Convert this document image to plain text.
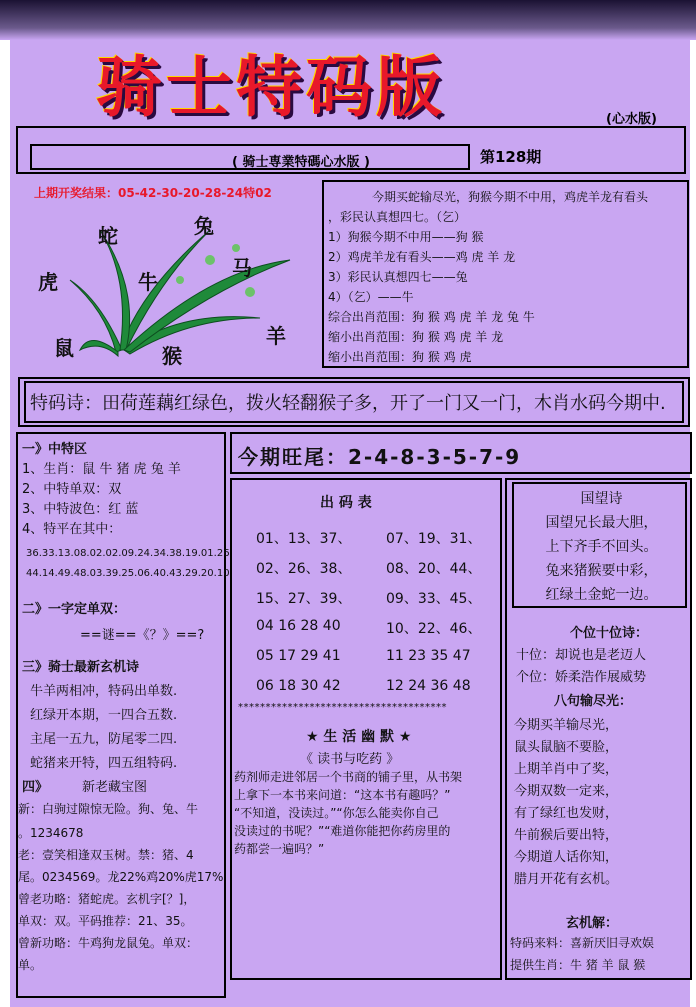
骑士特码版	(心水版)
( 骑士専業特碼心水版 )	第128期
上期开奖结果：05-42-30-20-28-24特02
蛇	兔
马
虎	牛
羊
鼠	猴
今期买蛇输尽光，狗猴今期不中用，鸡虎羊龙有看头
，彩民认真想四七。（乞）
1）狗猴今期不中用——狗 猴
2）鸡虎羊龙有看头——鸡 虎 羊 龙
3）彩民认真想四七——兔
4）（乞）——牛
综合出肖范围：狗 猴 鸡 虎 羊 龙 兔 牛
缩小出肖范围：狗 猴 鸡 虎 羊 龙
缩小出肖范围：狗 猴 鸡 虎
特码诗：田荷莲藕红绿色，拨火轻翻猴子多，开了一门又一门，木肖水码今期中.
一》中特区
1、生肖：鼠 牛 猪 虎 兔 羊
2、中特单双：双
3、中特波色：红 蓝
4、特平在其中：
36.33.13.08.02.02.09.24.34.38.19.01.26.
44.14.49.48.03.39.25.06.40.43.29.20.10
二》一字定单双：
==谜==《？》==?
三》骑士最新玄机诗
牛羊两相冲，特码出单数.
红绿开本期，一四合五数.
主尾一五九，防尾零二四.
蛇猪来开特，四五组特码.
四》	新老藏宝图
新：白驹过隙惊无险。狗、兔、牛
。1234678
老：壹笑相逢双玉树。禁：猪、4
尾。0234569。龙22%鸡20%虎17%
曾老功略：猪蛇虎。玄机字[？]，
单双：双。平码推荐：21、35。
曾新功略：牛鸡狗龙鼠兔。单双：
单。
今期旺尾：2-4-8-3-5-7-9
出 码 表
01、13、37、 07、19、31、
02、26、38、 08、20、44、
15、27、39、 09、33、45、
04 16 28 40	10、22、46、
05 17 29 41	11 23 35 47
06 18 30 42	12 24 36 48
**************************************
★ 生 活 幽 默 ★
《 读书与吃药 》
药剂师走进邻居一个书商的铺子里，从书架
上拿下一本书来问道：“这本书有趣吗？”
“不知道，没读过。”“你怎么能卖你自己
没读过的书呢？”“难道你能把你药房里的
药都尝一遍吗？”
国望诗
国望兄长最大胆，
上下齐手不回头。
兔来猪猴要中彩，
红绿土金蛇一边。
个位十位诗：
十位：却说也是老迈人
个位：娇柔浩作展威势
八句输尽光：
今期买羊输尽光，
鼠头鼠脑不要脸，
上期羊肖中了奖，
今期双数一定来，
有了绿红也发财，
牛前猴后要出特，
今期道人话你知，
腊月开花有玄机。
玄机解：
特码来料：喜新厌旧寻欢娱
提供生肖：牛 猪 羊 鼠 猴
